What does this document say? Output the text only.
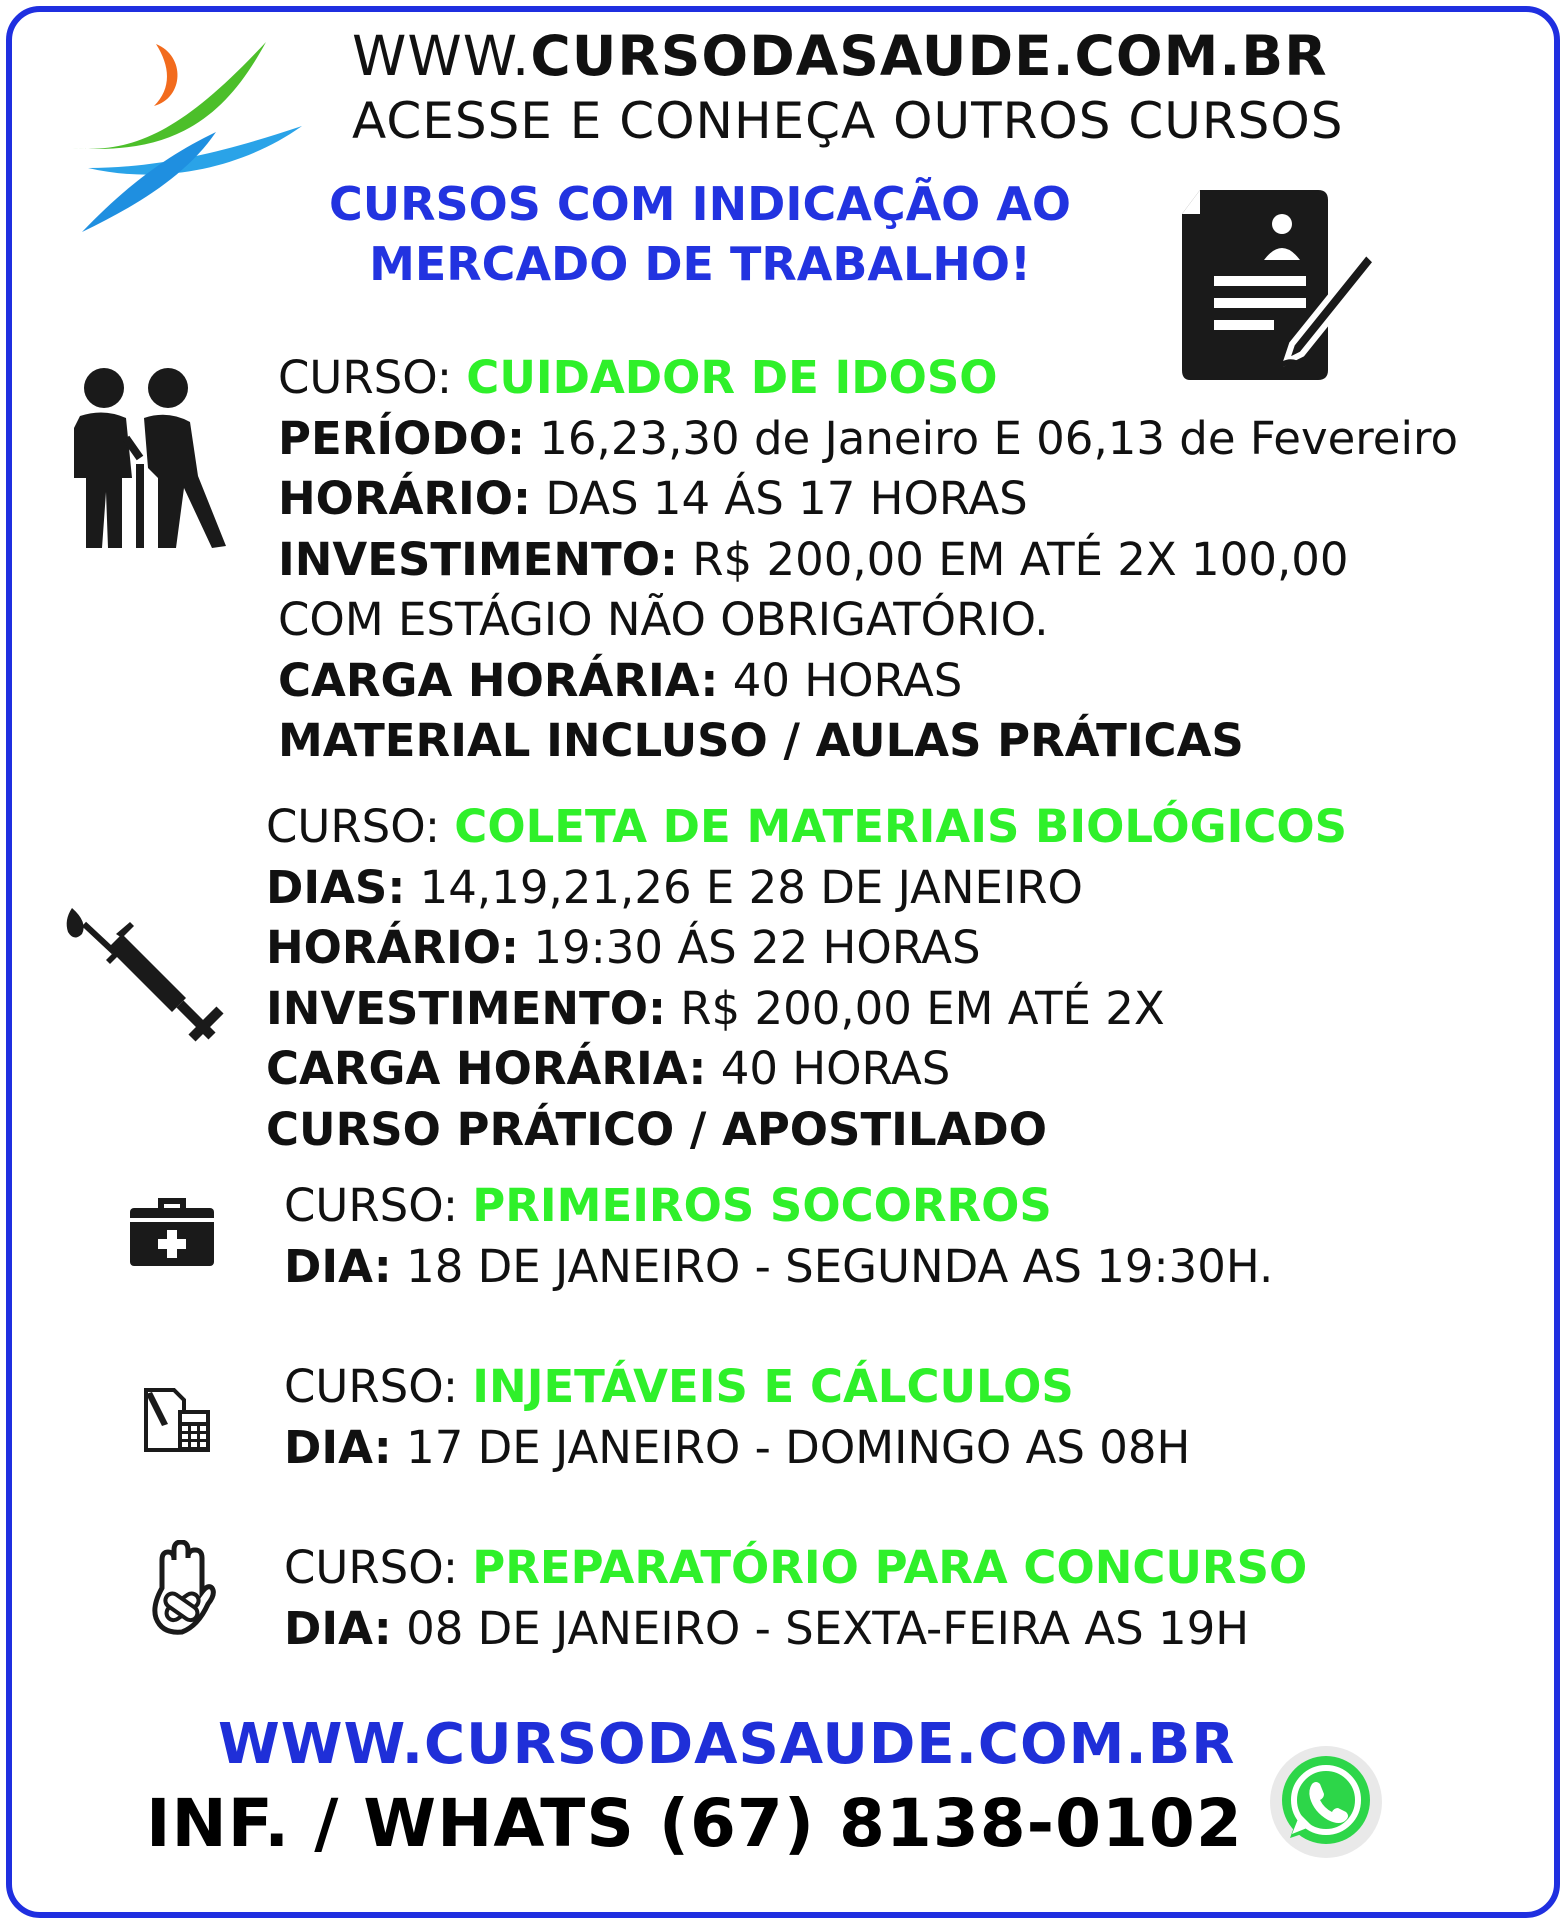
WWW.CURSODASAUDE.COM.BR
ACESSE E CONHEÇA OUTROS CURSOS
CURSOS COM INDICAÇÃO AO
MERCADO DE TRABALHO!
CURSO: CUIDADOR DE IDOSO
PERÍODO: 16,23,30 de Janeiro E 06,13 de Fevereiro
HORÁRIO: DAS 14 ÁS 17 HORAS
INVESTIMENTO: R$ 200,00 EM ATÉ 2X 100,00
COM ESTÁGIO NÃO OBRIGATÓRIO.
CARGA HORÁRIA: 40 HORAS
MATERIAL INCLUSO / AULAS PRÁTICAS
CURSO: COLETA DE MATERIAIS BIOLÓGICOS
DIAS: 14,19,21,26 E 28 DE JANEIRO
HORÁRIO: 19:30 ÁS 22 HORAS
INVESTIMENTO: R$ 200,00 EM ATÉ 2X
CARGA HORÁRIA: 40 HORAS
CURSO PRÁTICO / APOSTILADO
CURSO: PRIMEIROS SOCORROS
DIA: 18 DE JANEIRO - SEGUNDA AS 19:30H.
CURSO: INJETÁVEIS E CÁLCULOS
DIA: 17 DE JANEIRO - DOMINGO AS 08H
CURSO: PREPARATÓRIO PARA CONCURSO
DIA: 08 DE JANEIRO - SEXTA-FEIRA AS 19H
WWW.CURSODASAUDE.COM.BR
INF. / WHATS (67) 8138-0102
